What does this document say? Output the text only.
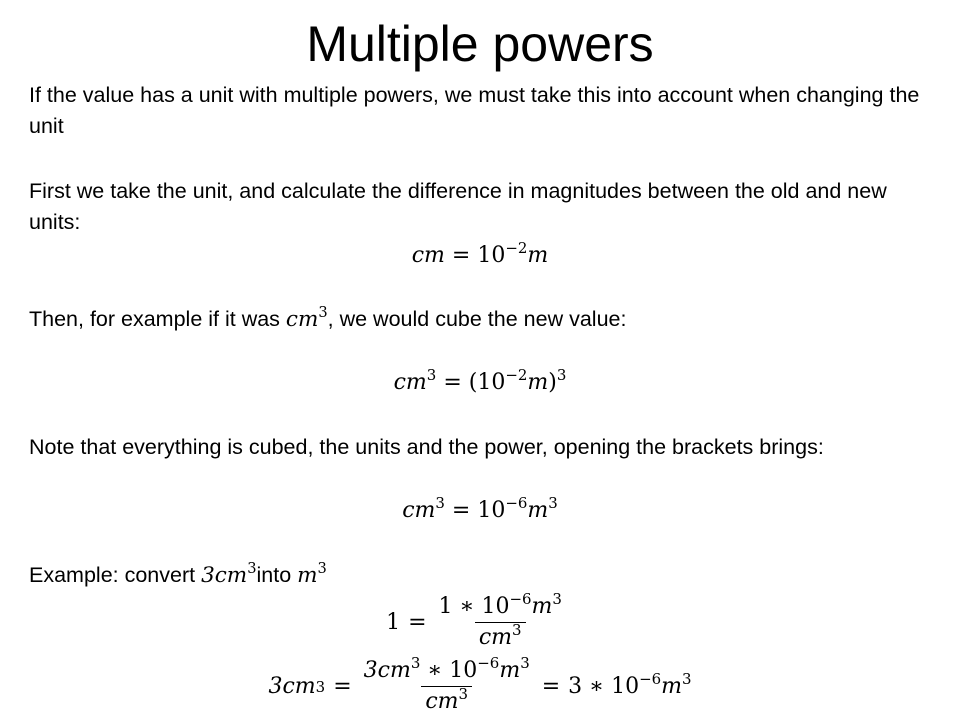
Multiple powers

If the value has a unit with multiple powers, we must take this into account when changing the unit

First we take the unit, and calculate the difference in magnitudes between the old and new units:

cm = $10^{-2}m$

Then, for example if it was $cm^3$, we would cube the new value:

$cm^3 = (10^{-2}m)^3$

Note that everything is cubed, the units and the power, opening the brackets brings:

$cm^3 = 10^{-6}m^3$

Example: convert $3cm^3into$ $m^3$

$1 = \frac{1 ∗ 10^{-6}m^3}{cm^3}$
3cm $3 = \frac{3cm^3 ∗ 10^{-6}m^3}{cm^3} = 3$ ∗ $10^{-6}m^3$
